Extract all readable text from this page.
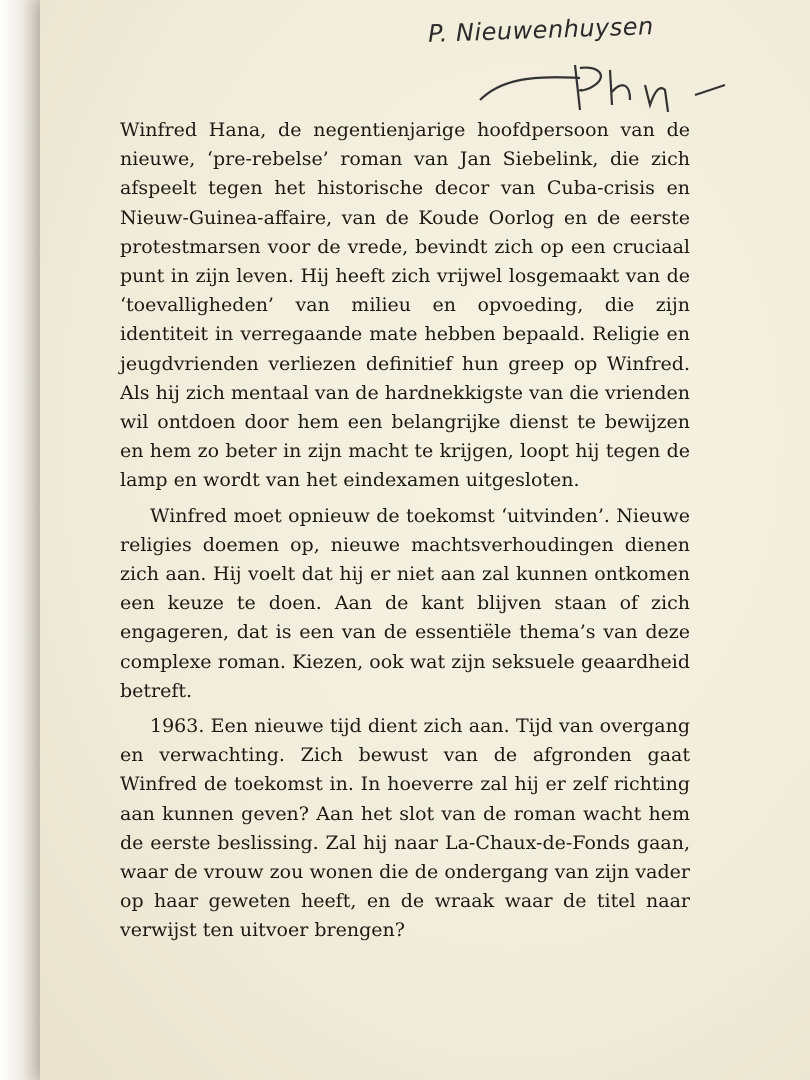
P. Nieuwenhuysen

Winfred Hana, de negentienjarige hoofdpersoon van de nieuwe, ‘pre-rebelse’ roman van Jan Siebelink, die zich afspeelt tegen het historische decor van Cuba-crisis en Nieuw-Guinea-affaire, van de Koude Oorlog en de eerste protestmarsen voor de vrede, bevindt zich op een cruciaal punt in zijn leven. Hij heeft zich vrijwel losgemaakt van de ‘toevalligheden’ van milieu en opvoeding, die zijn identiteit in verregaande mate hebben bepaald. Religie en jeugdvrienden verliezen definitief hun greep op Winfred. Als hij zich mentaal van de hardnekkigste van die vrienden wil ontdoen door hem een belangrijke dienst te bewijzen en hem zo beter in zijn macht te krijgen, loopt hij tegen de lamp en wordt van het eindexamen uitgesloten.

Winfred moet opnieuw de toekomst ‘uitvinden’. Nieuwe religies doemen op, nieuwe machtsverhoudingen dienen zich aan. Hij voelt dat hij er niet aan zal kunnen ontkomen een keuze te doen. Aan de kant blijven staan of zich engageren, dat is een van de essentiële thema’s van deze complexe roman. Kiezen, ook wat zijn seksuele geaardheid betreft.

1963. Een nieuwe tijd dient zich aan. Tijd van overgang en verwachting. Zich bewust van de afgronden gaat Winfred de toekomst in. In hoeverre zal hij er zelf richting aan kunnen geven? Aan het slot van de roman wacht hem de eerste beslissing. Zal hij naar La-Chaux-de-Fonds gaan, waar de vrouw zou wonen die de ondergang van zijn vader op haar geweten heeft, en de wraak waar de titel naar verwijst ten uitvoer brengen?
